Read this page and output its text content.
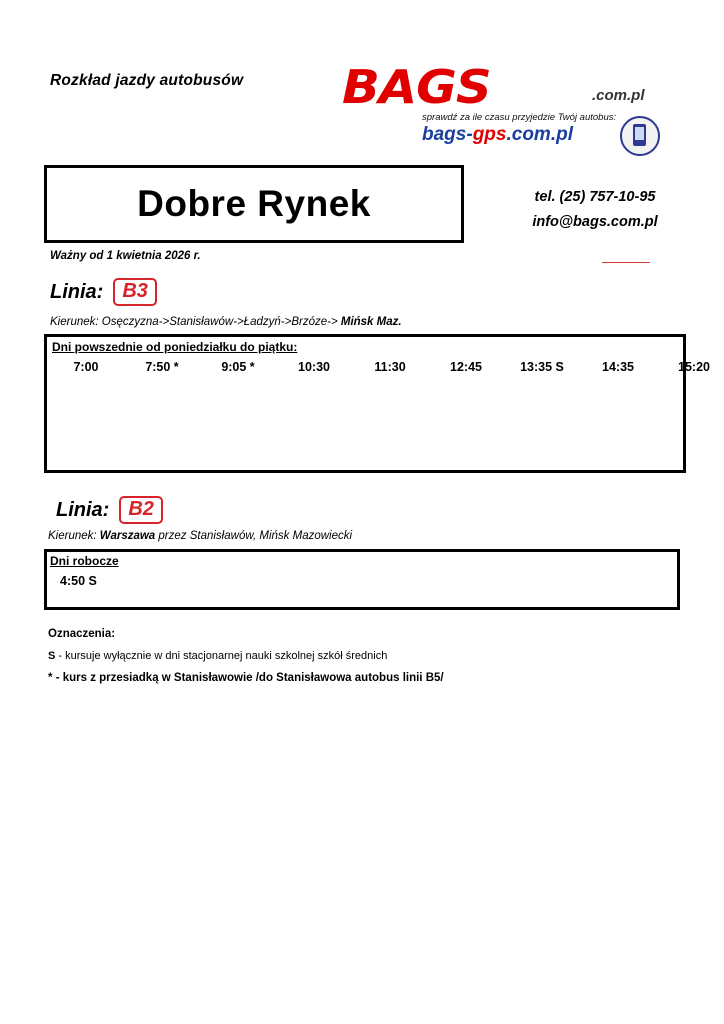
Rozkład jazdy autobusów BAGS	.com.pl
sprawdź za ile czasu przyjedzie Twój autobus:
bags-gps.com.pl
Dobre Rynek	tel. (25) 757-10-95
info@bags.com.pl
Ważny od 1 kwietnia 2026 r.
Linia: B3
Kierunek: Osęczyzna->Stanisławów->Ładzyń->Brzóze-> Mińsk Maz.
Dni powszednie od poniedziałku do piątku:
7:00	7:50 *	9:05 *	10:30	11:30	12:45	13:35 S	14:35	15:20
Linia: B2
Kierunek: Warszawa przez Stanisławów, Mińsk Mazowiecki
Dni robocze
4:50 S
Oznaczenia:
S - kursuje wyłącznie w dni stacjonarnej nauki szkolnej szkół średnich
* - kurs z przesiadką w Stanisławowie /do Stanisławowa autobus linii B5/
